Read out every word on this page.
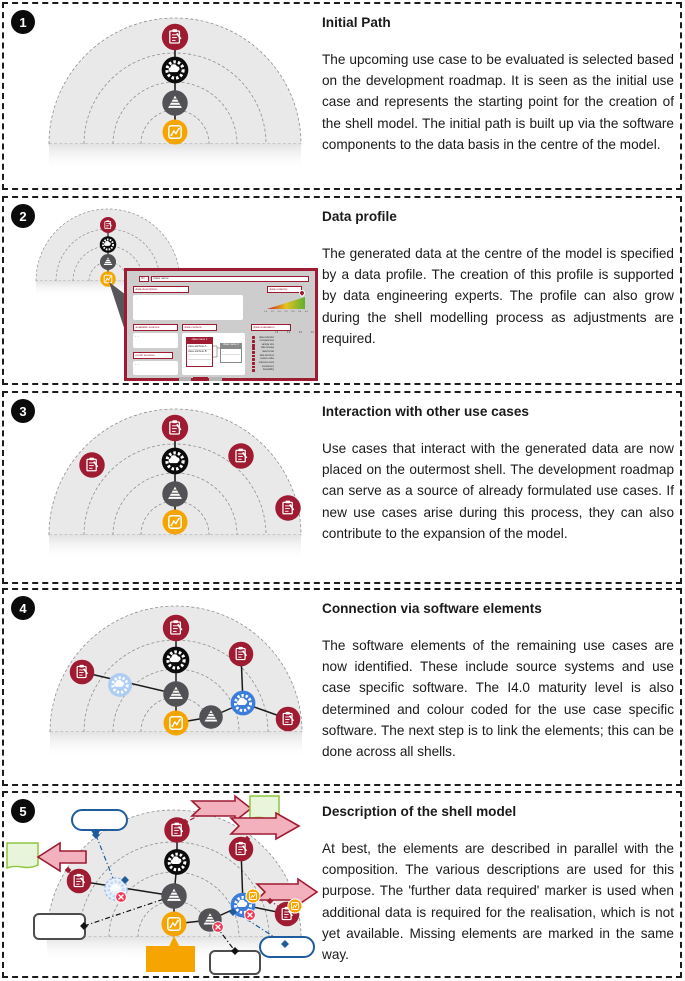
1	Initial Path

The upcoming use case to be evaluated is selected based on the development roadmap. It is seen as the initial use case and represents the starting point for the creation of the shell model. The initial path is built up via the software components to the data basis in the centre of the model.

2
ID	Data name
data description
...
data maturity
1.0 1.5 2.0 2.5 3.0 3.5 4.0
available sources
- ...
novel sources
- ...
data content
class name 1
class attribute A
class attribute B
...
class name 2
...
data evaluation
1.0	2.0	3.0	4.0
data collection
completeness
sample size
data storage
data format
data structure
feature value
reference level
consistency
traceability
Data profile

The generated data at the centre of the model is specified by a data profile. The creation of this profile is supported by data engineering experts. The profile can also grow during the shell modelling process as adjustments are required.

3	Interaction with other use cases

Use cases that interact with the generated data are now placed on the outermost shell. The development roadmap can serve as a source of already formulated use cases. If new use cases arise during this process, they can also contribute to the expansion of the model.

4	Connection via software elements

The software elements of the remaining use cases are now identified. These include source systems and use case specific software. The I4.0 maturity level is also determined and colour coded for the use case specific software. The next step is to link the elements; this can be done across all shells.

5	Description of the shell model

At best, the elements are described in parallel with the composition. The various descriptions are used for this purpose. The 'further data required' marker is used when additional data is required for the realisation, which is not yet available. Missing elements are marked in the same way.
